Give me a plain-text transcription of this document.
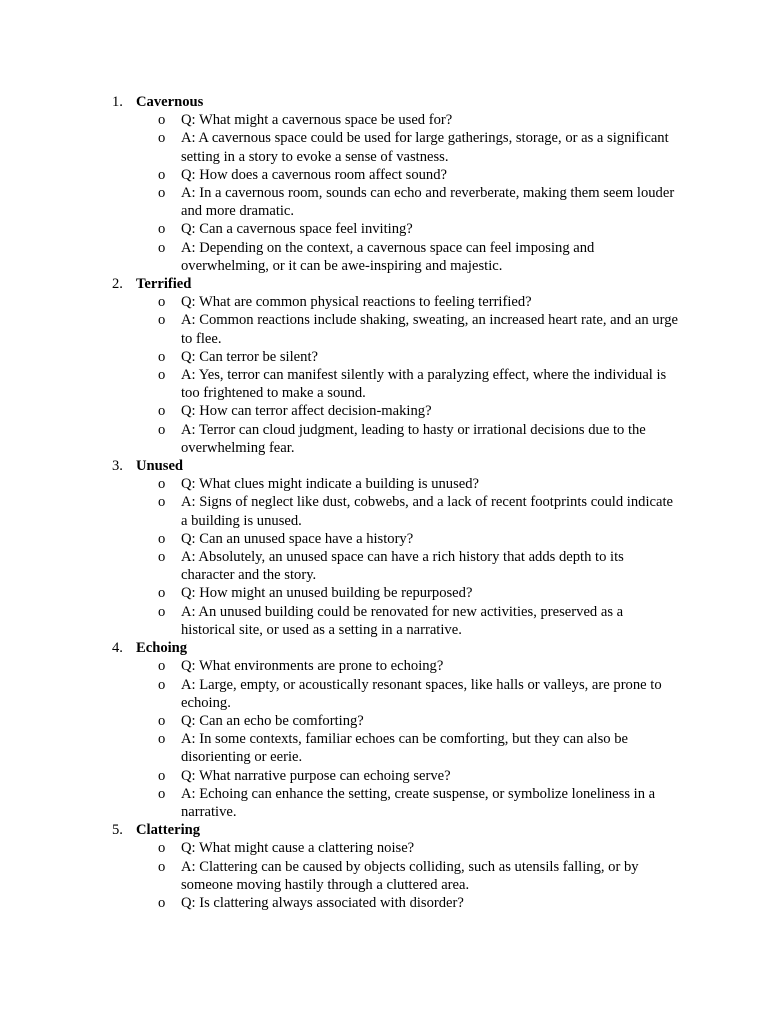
1. Cavernous
o Q: What might a cavernous space be used for?
o A: A cavernous space could be used for large gatherings, storage, or as a significant setting in a story to evoke a sense of vastness.
o Q: How does a cavernous room affect sound?
o A: In a cavernous room, sounds can echo and reverberate, making them seem louder and more dramatic.
o Q: Can a cavernous space feel inviting?
o A: Depending on the context, a cavernous space can feel imposing and overwhelming, or it can be awe-inspiring and majestic.
2. Terrified
o Q: What are common physical reactions to feeling terrified?
o A: Common reactions include shaking, sweating, an increased heart rate, and an urge to flee.
o Q: Can terror be silent?
o A: Yes, terror can manifest silently with a paralyzing effect, where the individual is too frightened to make a sound.
o Q: How can terror affect decision-making?
o A: Terror can cloud judgment, leading to hasty or irrational decisions due to the overwhelming fear.
3. Unused
o Q: What clues might indicate a building is unused?
o A: Signs of neglect like dust, cobwebs, and a lack of recent footprints could indicate a building is unused.
o Q: Can an unused space have a history?
o A: Absolutely, an unused space can have a rich history that adds depth to its character and the story.
o Q: How might an unused building be repurposed?
o A: An unused building could be renovated for new activities, preserved as a historical site, or used as a setting in a narrative.
4. Echoing
o Q: What environments are prone to echoing?
o A: Large, empty, or acoustically resonant spaces, like halls or valleys, are prone to echoing.
o Q: Can an echo be comforting?
o A: In some contexts, familiar echoes can be comforting, but they can also be disorienting or eerie.
o Q: What narrative purpose can echoing serve?
o A: Echoing can enhance the setting, create suspense, or symbolize loneliness in a narrative.
5. Clattering
o Q: What might cause a clattering noise?
o A: Clattering can be caused by objects colliding, such as utensils falling, or by someone moving hastily through a cluttered area.
o Q: Is clattering always associated with disorder?
